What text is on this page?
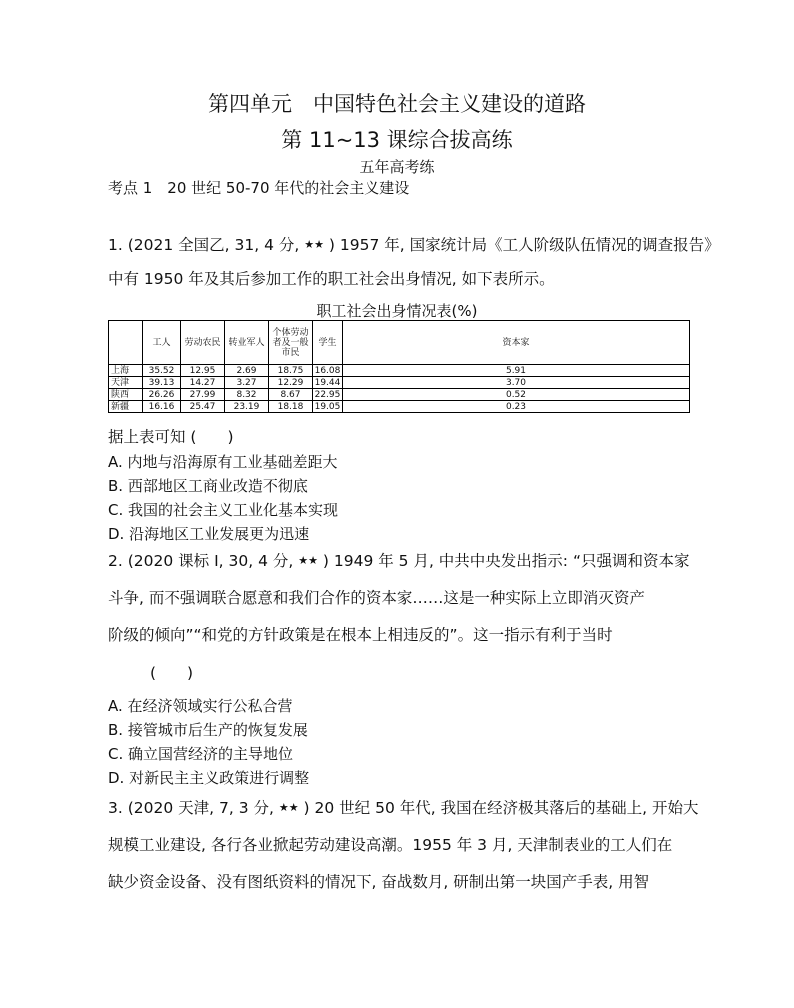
第四单元　中国特色社会主义建设的道路
第 11~13 课综合拔高练
五年高考练
考点 1　20 世纪 50-70 年代的社会主义建设
1. (2021 全国乙, 31, 4 分, ★★ ) 1957 年, 国家统计局《工人阶级队伍情况的调查报告》
中有 1950 年及其后参加工作的职工社会出身情况, 如下表所示。
职工社会出身情况表(%)
	工人	劳动农民	转业军人	个体劳动者及一般市民	学生	资本家
上海	35.52	12.95	2.69	18.75	16.08	5.91
天津	39.13	14.27	3.27	12.29	19.44	3.70
陕西	26.26	27.99	8.32	8.67	22.95	0.52
新疆	16.16	25.47	23.19	18.18	19.05	0.23
据上表可知 (　　)
A. 内地与沿海原有工业基础差距大
B. 西部地区工商业改造不彻底
C. 我国的社会主义工业化基本实现
D. 沿海地区工业发展更为迅速
2. (2020 课标 Ⅰ, 30, 4 分, ★★ ) 1949 年 5 月, 中共中央发出指示: “只强调和资本家
斗争, 而不强调联合愿意和我们合作的资本家……这是一种实际上立即消灭资产
阶级的倾向”“和党的方针政策是在根本上相违反的”。这一指示有利于当时
(　　)
A. 在经济领域实行公私合营
B. 接管城市后生产的恢复发展
C. 确立国营经济的主导地位
D. 对新民主主义政策进行调整
3. (2020 天津, 7, 3 分, ★★ ) 20 世纪 50 年代, 我国在经济极其落后的基础上, 开始大
规模工业建设, 各行各业掀起劳动建设高潮。1955 年 3 月, 天津制表业的工人们在
缺少资金设备、没有图纸资料的情况下, 奋战数月, 研制出第一块国产手表, 用智
